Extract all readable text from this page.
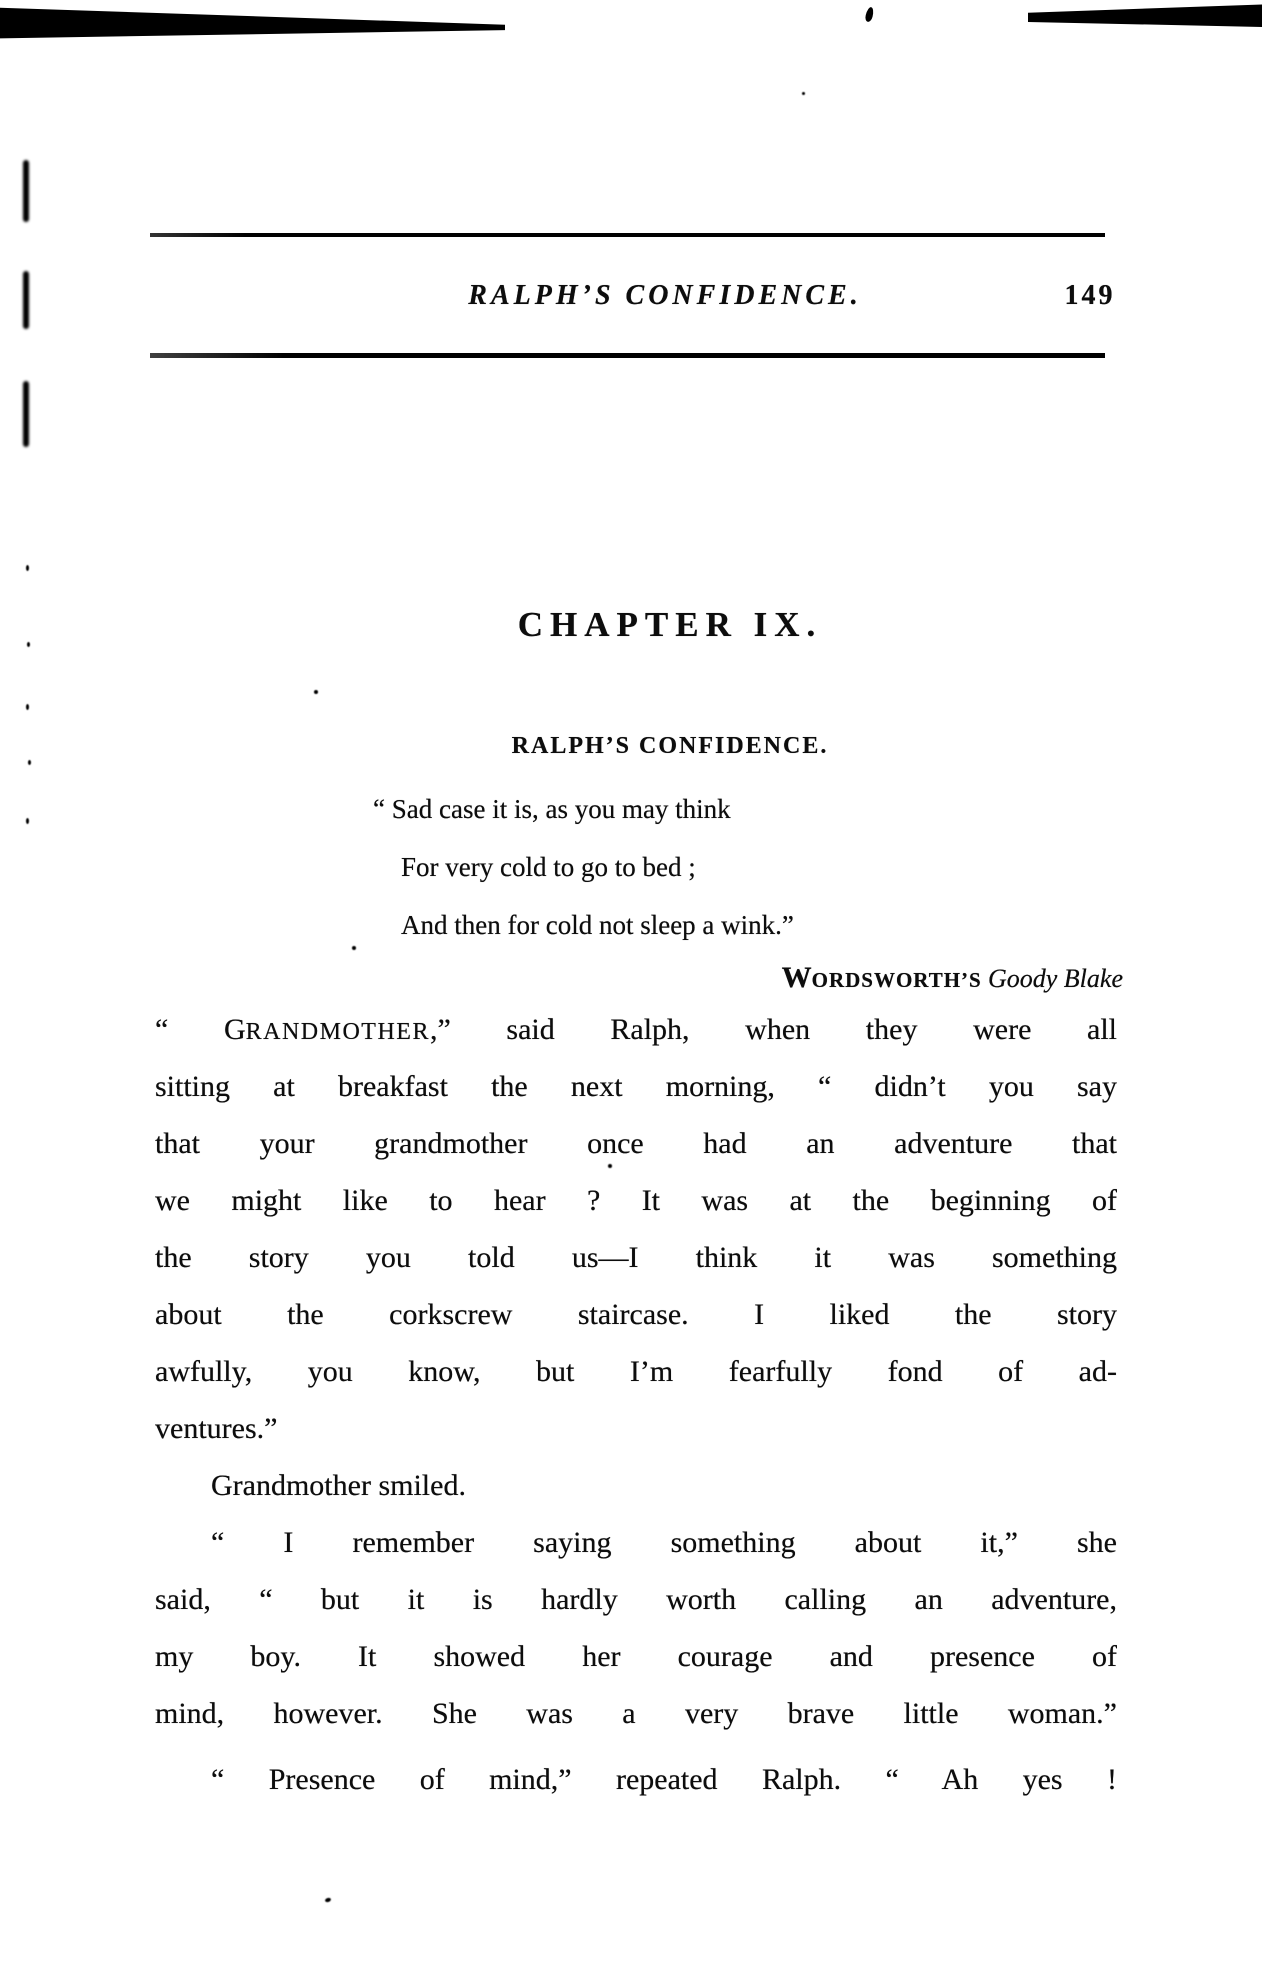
RALPH’S CONFIDENCE.	149
CHAPTER IX.
RALPH’S CONFIDENCE.
“ Sad case it is, as you may think
For very cold to go to bed ;
And then for cold not sleep a wink.”
WORDSWORTH’S Goody Blake
“ GRANDMOTHER,” said Ralph, when they were all
sitting at breakfast the next morning, “ didn’t you say
that your grandmother once had an adventure that
we might like to hear ? It was at the beginning of
the story you told us—I think it was something
about the corkscrew staircase. I liked the story
awfully, you know, but I’m fearfully fond of ad-
ventures.”
Grandmother smiled.
“ I remember saying something about it,” she
said, “ but it is hardly worth calling an adventure,
my boy. It showed her courage and presence of
mind, however. She was a very brave little woman.”
“ Presence of mind,” repeated Ralph. “ Ah yes !
